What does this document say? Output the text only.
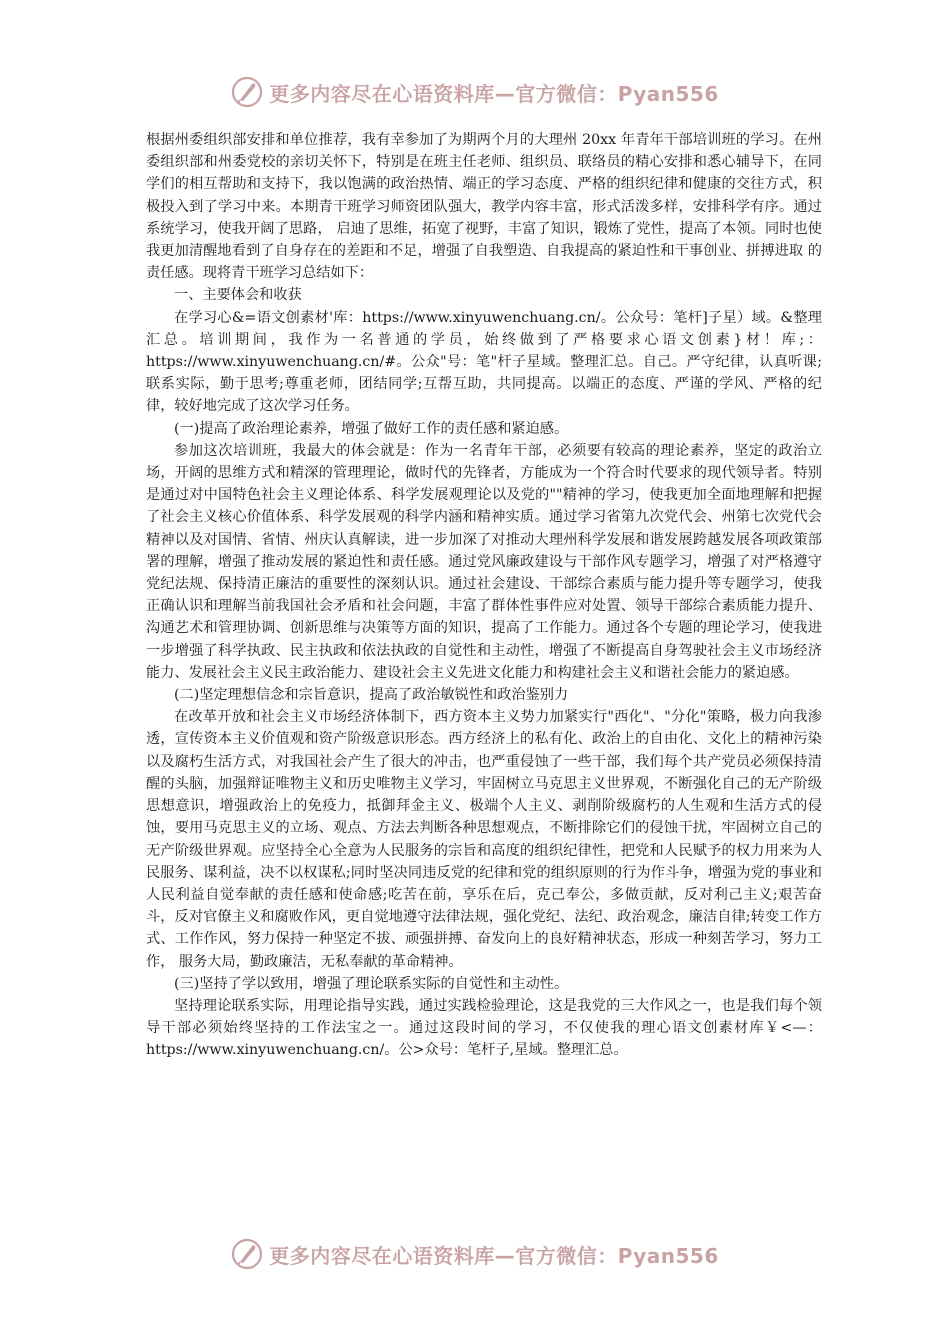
更多内容尽在心语资料库—官方微信：Pyan556

根据州委组织部安排和单位推荐，我有幸参加了为期两个月的大理州 20xx 年青年干部培训班的学习。在州委组织部和州委党校的亲切关怀下，特别是在班主任老师、组织员、联络员的精心安排和悉心辅导下，在同学们的相互帮助和支持下，我以饱满的政治热情、端正的学习态度、严格的组织纪律和健康的交往方式，积极投入到了学习中来。本期青干班学习师资团队强大，教学内容丰富，形式活泼多样，安排科学有序。通过系统学习，使我开阔了思路， 启迪了思维，拓宽了视野，丰富了知识，锻炼了党性，提高了本领。同时也使我更加清醒地看到了自身存在的差距和不足，增强了自我塑造、自我提高的紧迫性和干事创业、拼搏进取 的责任感。现将青干班学习总结如下：

一、主要体会和收获

在学习心&=语文创素材'库：https://www.xinyuwenchuang.cn/。公众号：笔杆]子星）域。&整理汇总。培训期间，我作为一名普通的学员，始终做到了严格要求心语文创素}材！库;：https://www.xinyuwenchuang.cn/#。公众"号：笔"杆子星域。整理汇总。自己。严守纪律，认真听课;联系实际，勤于思考;尊重老师，团结同学;互帮互助，共同提高。以端正的态度、严谨的学风、严格的纪律，较好地完成了这次学习任务。

(一)提高了政治理论素养，增强了做好工作的责任感和紧迫感。

参加这次培训班，我最大的体会就是：作为一名青年干部，必须要有较高的理论素养，坚定的政治立场，开阔的思维方式和精深的管理理论，做时代的先锋者，方能成为一个符合时代要求的现代领导者。特别是通过对中国特色社会主义理论体系、科学发展观理论以及党的""精神的学习，使我更加全面地理解和把握了社会主义核心价值体系、科学发展观的科学内涵和精神实质。通过学习省第九次党代会、州第七次党代会精神以及对国情、省情、州庆认真解读，进一步加深了对推动大理州科学发展和谐发展跨越发展各项政策部署的理解，增强了推动发展的紧迫性和责任感。通过党风廉政建设与干部作风专题学习，增强了对严格遵守党纪法规、保持清正廉洁的重要性的深刻认识。通过社会建设、干部综合素质与能力提升等专题学习，使我正确认识和理解当前我国社会矛盾和社会问题，丰富了群体性事件应对处置、领导干部综合素质能力提升、沟通艺术和管理协调、创新思维与决策等方面的知识，提高了工作能力。通过各个专题的理论学习，使我进一步增强了科学执政、民主执政和依法执政的自觉性和主动性，增强了不断提高自身驾驶社会主义市场经济能力、发展社会主义民主政治能力、建设社会主义先进文化能力和构建社会主义和谐社会能力的紧迫感。

(二)坚定理想信念和宗旨意识，提高了政治敏锐性和政治鉴别力

在改革开放和社会主义市场经济体制下，西方资本主义势力加紧实行"西化"、"分化"策略，极力向我渗透，宣传资本主义价值观和资产阶级意识形态。西方经济上的私有化、政治上的自由化、文化上的精神污染以及腐朽生活方式，对我国社会产生了很大的冲击，也严重侵蚀了一些干部，我们每个共产党员必须保持清醒的头脑，加强辩证唯物主义和历史唯物主义学习，牢固树立马克思主义世界观，不断强化自己的无产阶级思想意识，增强政治上的免疫力，抵御拜金主义、极端个人主义、剥削阶级腐朽的人生观和生活方式的侵蚀，要用马克思主义的立场、观点、方法去判断各种思想观点，不断排除它们的侵蚀干扰，牢固树立自己的无产阶级世界观。应坚持全心全意为人民服务的宗旨和高度的组织纪律性，把党和人民赋予的权力用来为人民服务、谋利益，决不以权谋私;同时坚决同违反党的纪律和党的组织原则的行为作斗争，增强为党的事业和人民利益自觉奉献的责任感和使命感;吃苦在前，享乐在后，克己奉公，多做贡献，反对利己主义;艰苦奋斗，反对官僚主义和腐败作风，更自觉地遵守法律法规，强化党纪、法纪、政治观念，廉洁自律;转变工作方式、工作作风，努力保持一种坚定不拔、顽强拼搏、奋发向上的良好精神状态，形成一种刻苦学习，努力工作， 服务大局，勤政廉洁，无私奉献的革命精神。

(三)坚持了学以致用，增强了理论联系实际的自觉性和主动性。

坚持理论联系实际，用理论指导实践，通过实践检验理论，这是我党的三大作风之一，也是我们每个领导干部必须始终坚持的工作法宝之一。通过这段时间的学习，不仅使我的理心语文创素材库￥<—：https://www.xinyuwenchuang.cn/。公>众号：笔杆子,星域。整理汇总。

更多内容尽在心语资料库—官方微信：Pyan556
